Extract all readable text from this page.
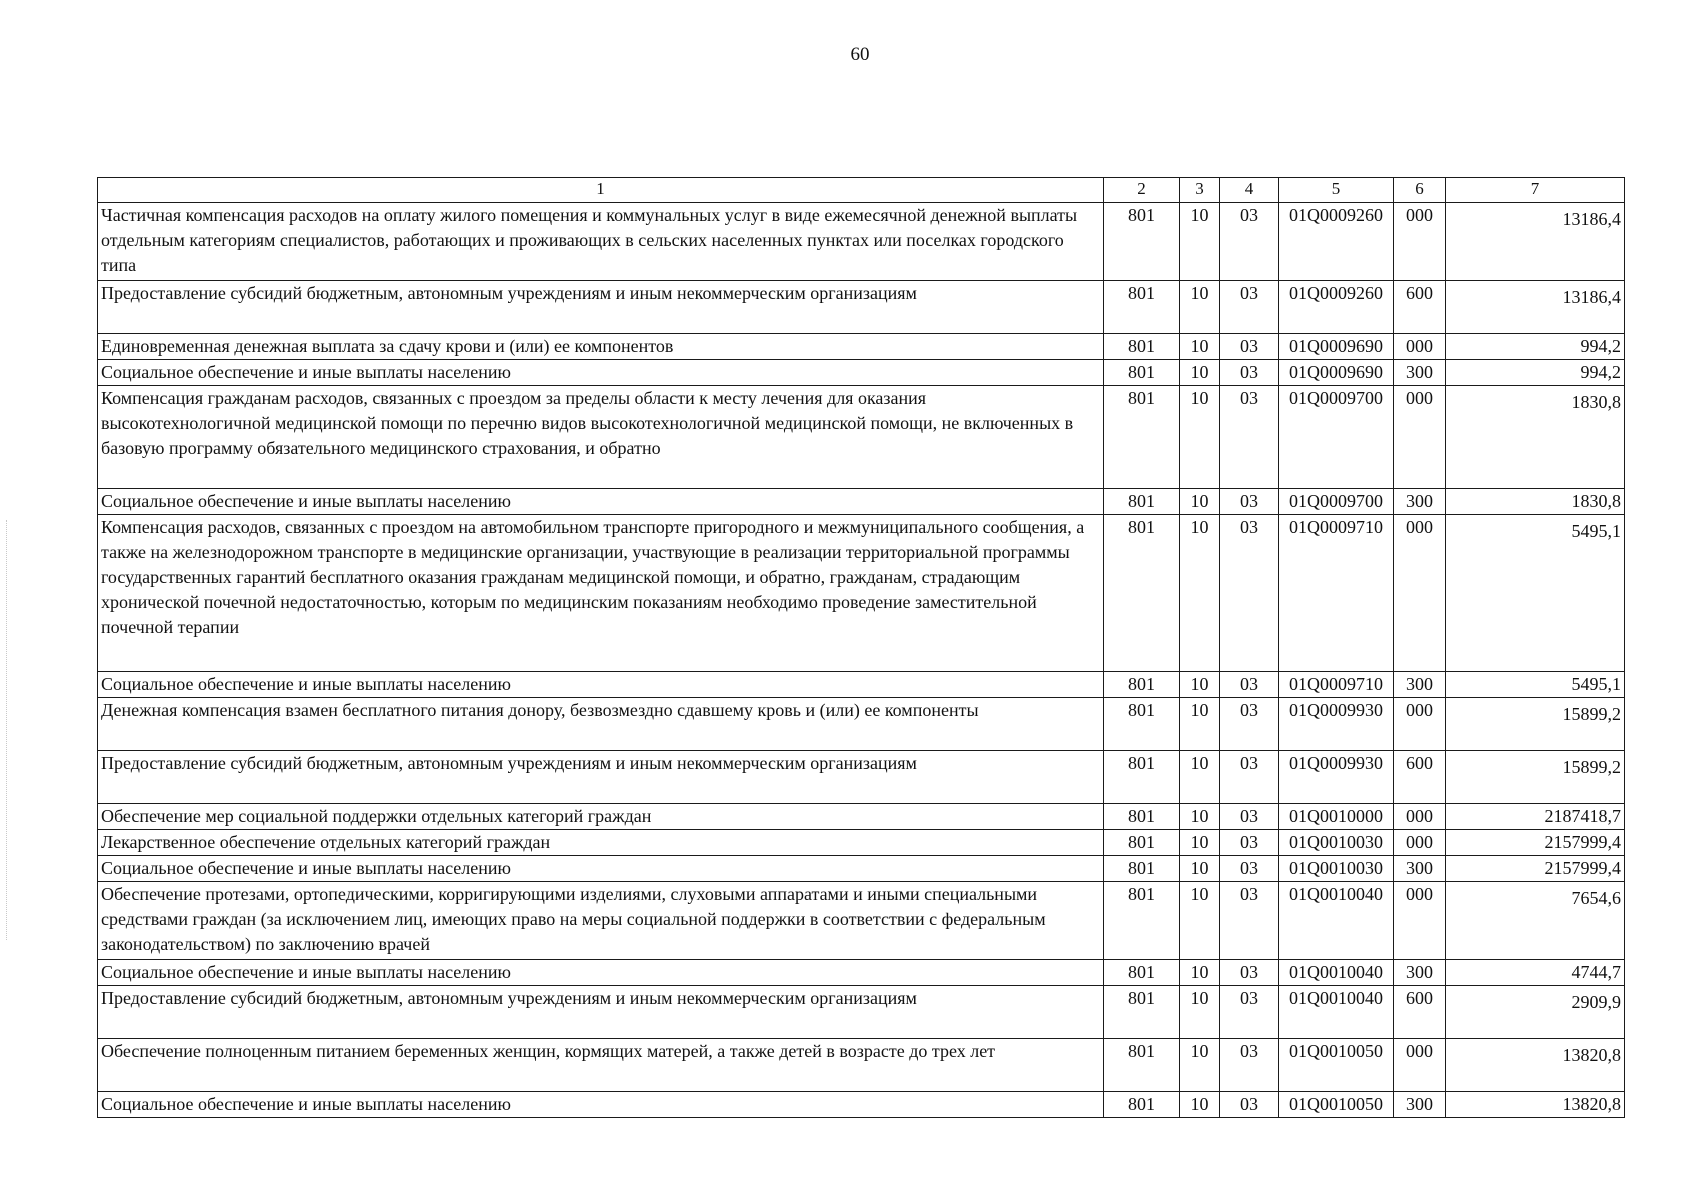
60
1	2	3	4	5	6	7
Частичная компенсация расходов на оплату жилого помещения и коммунальных услуг в виде ежемесячной денежной выплаты отдельным категориям специалистов, работающих и проживающих в сельских населенных пунктах или поселках городского типа	801	10	03	01Q0009260	000	13186,4
Предоставление субсидий бюджетным, автономным учреждениям и иным некоммерческим организациям	801	10	03	01Q0009260	600	13186,4
Единовременная денежная выплата за сдачу крови и (или) ее компонентов	801	10	03	01Q0009690	000	994,2
Социальное обеспечение и иные выплаты населению	801	10	03	01Q0009690	300	994,2
Компенсация гражданам расходов, связанных с проездом за пределы области к месту лечения для оказания высокотехнологичной медицинской помощи по перечню видов высокотехнологичной медицинской помощи, не включенных в базовую программу обязательного медицинского страхования, и обратно	801	10	03	01Q0009700	000	1830,8
Социальное обеспечение и иные выплаты населению	801	10	03	01Q0009700	300	1830,8
Компенсация расходов, связанных с проездом на автомобильном транспорте пригородного и межмуниципального сообщения, а также на железнодорожном транспорте в медицинские организации, участвующие в реализации территориальной программы государственных гарантий бесплатного оказания гражданам медицинской помощи, и обратно, гражданам, страдающим хронической почечной недостаточностью, которым по медицинским показаниям необходимо проведение заместительной почечной терапии	801	10	03	01Q0009710	000	5495,1
Социальное обеспечение и иные выплаты населению	801	10	03	01Q0009710	300	5495,1
Денежная компенсация взамен бесплатного питания донору, безвозмездно сдавшему кровь и (или) ее компоненты	801	10	03	01Q0009930	000	15899,2
Предоставление субсидий бюджетным, автономным учреждениям и иным некоммерческим организациям	801	10	03	01Q0009930	600	15899,2
Обеспечение мер социальной поддержки отдельных категорий граждан	801	10	03	01Q0010000	000	2187418,7
Лекарственное обеспечение отдельных категорий граждан	801	10	03	01Q0010030	000	2157999,4
Социальное обеспечение и иные выплаты населению	801	10	03	01Q0010030	300	2157999,4
Обеспечение протезами, ортопедическими, корригирующими изделиями, слуховыми аппаратами и иными специальными средствами граждан (за исключением лиц, имеющих право на меры социальной поддержки в соответствии с федеральным законодательством) по заключению врачей	801	10	03	01Q0010040	000	7654,6
Социальное обеспечение и иные выплаты населению	801	10	03	01Q0010040	300	4744,7
Предоставление субсидий бюджетным, автономным учреждениям и иным некоммерческим организациям	801	10	03	01Q0010040	600	2909,9
Обеспечение полноценным питанием беременных женщин, кормящих матерей, а также детей в возрасте до трех лет	801	10	03	01Q0010050	000	13820,8
Социальное обеспечение и иные выплаты населению	801	10	03	01Q0010050	300	13820,8
